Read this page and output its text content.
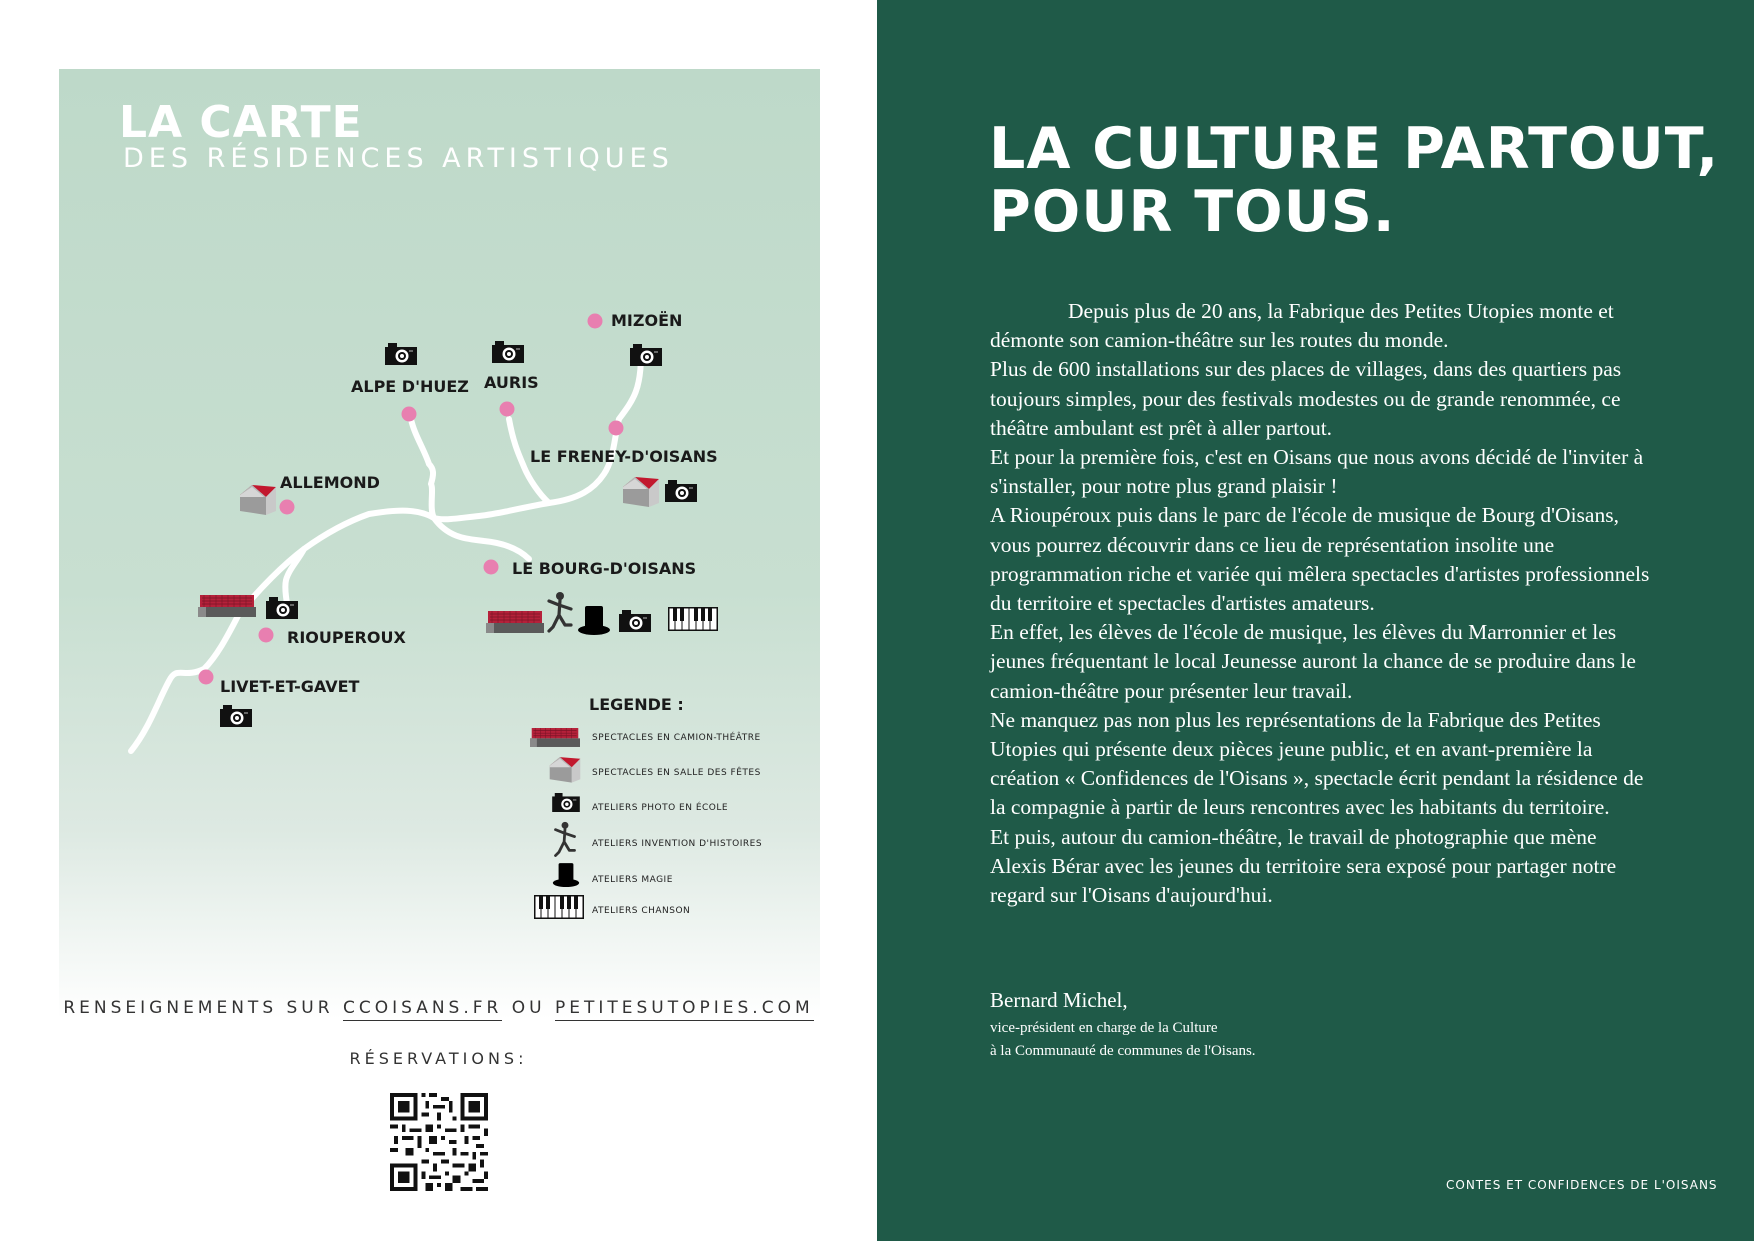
LA CARTE
DES RÉSIDENCES ARTISTIQUES
MIZOËN
ALPE D'HUEZ AURIS
LE FRENEY-D'OISANS
ALLEMOND
LE BOURG-D'OISANS
RIOUPEROUX
LIVET-ET-GAVET
LEGENDE :
SPECTACLES EN CAMION-THÉÂTRE
SPECTACLES EN SALLE DES FÊTES
ATELIERS PHOTO EN ÉCOLE
ATELIERS INVENTION D'HISTOIRES
ATELIERS MAGIE
ATELIERS CHANSON
RENSEIGNEMENTS SUR CCOISANS.FR OU PETITESUTOPIES.COM
RÉSERVATIONS:
LA CULTURE PARTOUT,
POUR TOUS.

Depuis plus de 20 ans, la Fabrique des Petites Utopies monte et démonte son camion-théâtre sur les routes du monde.

Plus de 600 installations sur des places de villages, dans des quartiers pas toujours simples, pour des festivals modestes ou de grande renommée, ce théâtre ambulant est prêt à aller partout.

Et pour la première fois, c'est en Oisans que nous avons décidé de l'inviter à s'installer, pour notre plus grand plaisir !

A Rioupéroux puis dans le parc de l'école de musique de Bourg d'Oisans, vous pourrez découvrir dans ce lieu de représentation insolite une programmation riche et variée qui mêlera spectacles d'artistes professionnels du territoire et spectacles d'artistes amateurs.

En effet, les élèves de l'école de musique, les élèves du Marronnier et les jeunes fréquentant le local Jeunesse auront la chance de se produire dans le camion-théâtre pour présenter leur travail.

Ne manquez pas non plus les représentations de la Fabrique des Petites Utopies qui présente deux pièces jeune public, et en avant-première la création « Confidences de l'Oisans », spectacle écrit pendant la résidence de la compagnie à partir de leurs rencontres avec les habitants du territoire.

Et puis, autour du camion-théâtre, le travail de photographie que mène Alexis Bérar avec les jeunes du territoire sera exposé pour partager notre regard sur l'Oisans d'aujourd'hui.

Bernard Michel,
vice-président en charge de la Culture
à la Communauté de communes de l'Oisans.
CONTES ET CONFIDENCES DE L'OISANS
